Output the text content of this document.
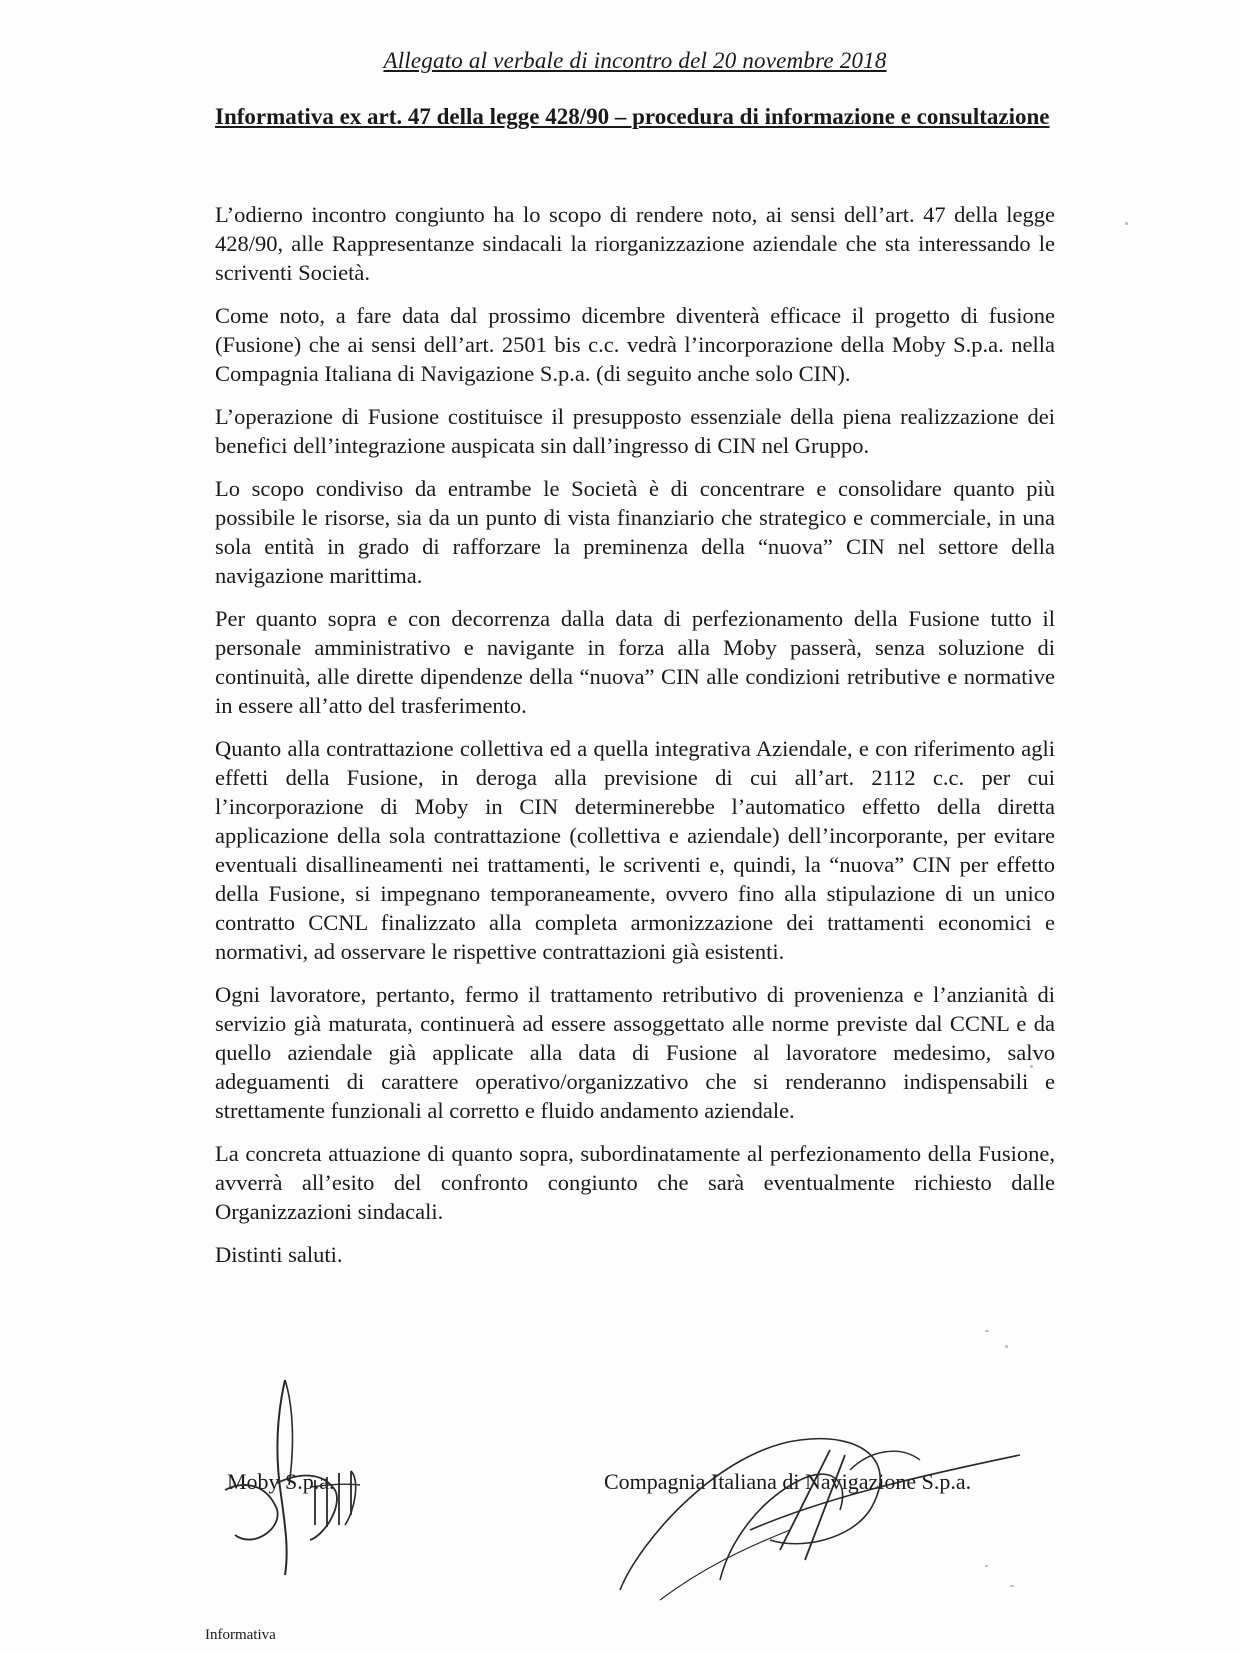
Allegato al verbale di incontro del 20 novembre 2018
Informativa ex art. 47 della legge 428/90 – procedura di informazione e consultazione

L’odierno incontro congiunto ha lo scopo di rendere noto, ai sensi dell’art. 47 della legge 428/90, alle Rappresentanze sindacali la riorganizzazione aziendale che sta interessando le scriventi Società.

Come noto, a fare data dal prossimo dicembre diventerà efficace il progetto di fusione (Fusione) che ai sensi dell’art. 2501 bis c.c. vedrà l’incorporazione della Moby S.p.a. nella Compagnia Italiana di Navigazione S.p.a. (di seguito anche solo CIN).

L’operazione di Fusione costituisce il presupposto essenziale della piena realizzazione dei benefici dell’integrazione auspicata sin dall’ingresso di CIN nel Gruppo.

Lo scopo condiviso da entrambe le Società è di concentrare e consolidare quanto più possibile le risorse, sia da un punto di vista finanziario che strategico e commerciale, in una sola entità in grado di rafforzare la preminenza della “nuova” CIN nel settore della navigazione marittima.

Per quanto sopra e con decorrenza dalla data di perfezionamento della Fusione tutto il personale amministrativo e navigante in forza alla Moby passerà, senza soluzione di continuità, alle dirette dipendenze della “nuova” CIN alle condizioni retributive e normative in essere all’atto del trasferimento.

Quanto alla contrattazione collettiva ed a quella integrativa Aziendale, e con riferimento agli effetti della Fusione, in deroga alla previsione di cui all’art. 2112 c.c. per cui l’incorporazione di Moby in CIN determinerebbe l’automatico effetto della diretta applicazione della sola contrattazione (collettiva e aziendale) dell’incorporante, per evitare eventuali disallineamenti nei trattamenti, le scriventi e, quindi, la “nuova” CIN per effetto della Fusione, si impegnano temporaneamente, ovvero fino alla stipulazione di un unico contratto CCNL finalizzato alla completa armonizzazione dei trattamenti economici e normativi, ad osservare le rispettive contrattazioni già esistenti.

Ogni lavoratore, pertanto, fermo il trattamento retributivo di provenienza e l’anzianità di servizio già maturata, continuerà ad essere assoggettato alle norme previste dal CCNL e da quello aziendale già applicate alla data di Fusione al lavoratore medesimo, salvo adeguamenti di carattere operativo/organizzativo che si renderanno indispensabili e strettamente funzionali al corretto e fluido andamento aziendale.

La concreta attuazione di quanto sopra, subordinatamente al perfezionamento della Fusione, avverrà all’esito del confronto congiunto che sarà eventualmente richiesto dalle Organizzazioni sindacali.

Distinti saluti.

Moby S.p.a.	Compagnia Italiana di Navigazione S.p.a.
Informativa
